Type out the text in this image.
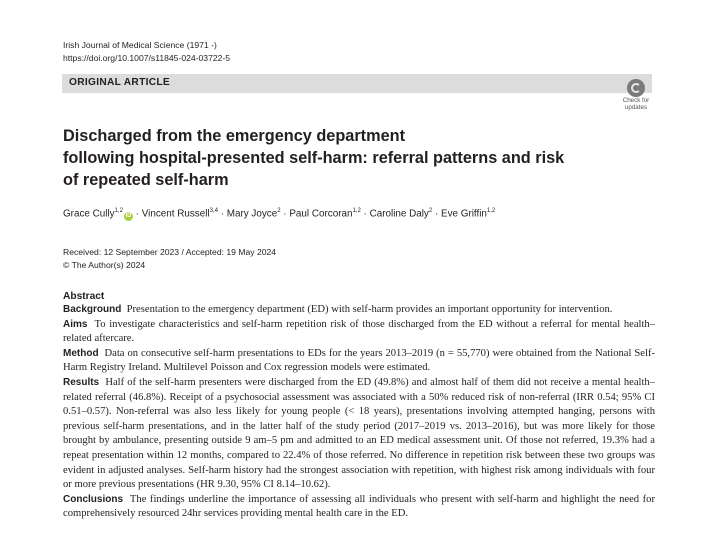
Irish Journal of Medical Science (1971 -)
https://doi.org/10.1007/s11845-024-03722-5
ORIGINAL ARTICLE
Check for
updates
Discharged from the emergency department
following hospital-presented self-harm: referral patterns and risk
of repeated self-harm
Grace Cully$^{1,2}$iD · Vincent Russell$^{3,4}$ · Mary Joyce$^2$ · Paul Corcoran$^{1,2}$ · Caroline Daly$^2$ · Eve Griffin$^{1,2}$
Received: 12 September 2023 / Accepted: 19 May 2024
© The Author(s) 2024
Abstract

Background Presentation to the emergency department (ED) with self-harm provides an important opportunity for intervention.

Aims To investigate characteristics and self-harm repetition risk of those discharged from the ED without a referral for mental health–related aftercare.

Method Data on consecutive self-harm presentations to EDs for the years 2013–2019 (n = 55,770) were obtained from the National Self-Harm Registry Ireland. Multilevel Poisson and Cox regression models were estimated.

Results Half of the self-harm presenters were discharged from the ED (49.8%) and almost half of them did not receive a mental health–related referral (46.8%). Receipt of a psychosocial assessment was associated with a 50% reduced risk of non-referral (IRR 0.54; 95% CI 0.51–0.57). Non-referral was also less likely for young people (< 18 years), presentations involving attempted hanging, persons with previous self-harm presentations, and in the latter half of the study period (2017–2019 vs. 2013–2016), but was more likely for those brought by ambulance, presenting outside 9 am–5 pm and admitted to an ED medical assessment unit. Of those not referred, 19.3% had a repeat presentation within 12 months, compared to 22.4% of those referred. No difference in repetition risk between these two groups was evident in adjusted analyses. Self-harm history had the strongest association with repetition, with highest risk among individuals with four or more previous presentations (HR 9.30, 95% CI 8.14–10.62).

Conclusions The findings underline the importance of assessing all individuals who present with self-harm and highlight the need for comprehensively resourced 24hr services providing mental health care in the ED.
